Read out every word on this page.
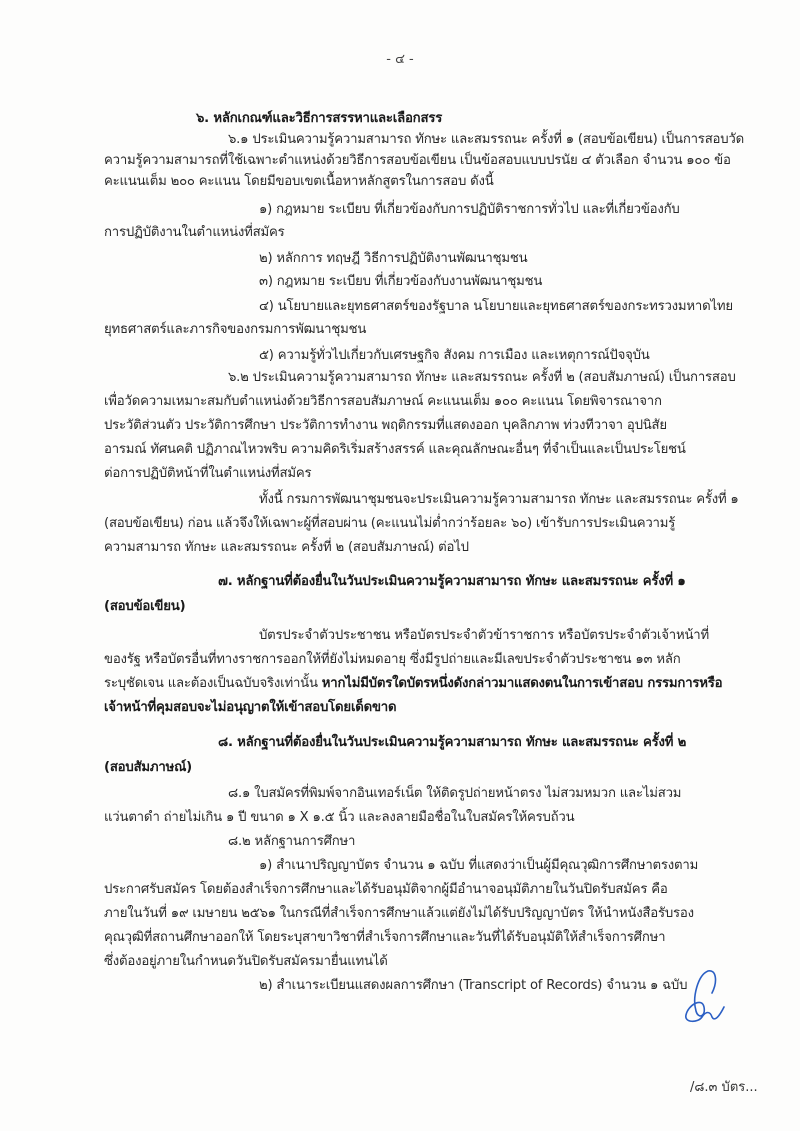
- ๔ -
๖. หลักเกณฑ์และวิธีการสรรหาและเลือกสรร
๖.๑ ประเมินความรู้ความสามารถ ทักษะ และสมรรถนะ ครั้งที่ ๑ (สอบข้อเขียน) เป็นการสอบวัด
ความรู้ความสามารถที่ใช้เฉพาะตำแหน่งด้วยวิธีการสอบข้อเขียน เป็นข้อสอบแบบปรนัย ๔ ตัวเลือก จำนวน ๑๐๐ ข้อ
คะแนนเต็ม ๒๐๐ คะแนน โดยมีขอบเขตเนื้อหาหลักสูตรในการสอบ ดังนี้
๑) กฎหมาย ระเบียบ ที่เกี่ยวข้องกับการปฏิบัติราชการทั่วไป และที่เกี่ยวข้องกับ
การปฏิบัติงานในตำแหน่งที่สมัคร
๒) หลักการ ทฤษฎี วิธีการปฏิบัติงานพัฒนาชุมชน
๓) กฎหมาย ระเบียบ ที่เกี่ยวข้องกับงานพัฒนาชุมชน
๔) นโยบายและยุทธศาสตร์ของรัฐบาล นโยบายและยุทธศาสตร์ของกระทรวงมหาดไทย
ยุทธศาสตร์และภารกิจของกรมการพัฒนาชุมชน
๕) ความรู้ทั่วไปเกี่ยวกับเศรษฐกิจ สังคม การเมือง และเหตุการณ์ปัจจุบัน
๖.๒ ประเมินความรู้ความสามารถ ทักษะ และสมรรถนะ ครั้งที่ ๒ (สอบสัมภาษณ์) เป็นการสอบ
เพื่อวัดความเหมาะสมกับตำแหน่งด้วยวิธีการสอบสัมภาษณ์ คะแนนเต็ม ๑๐๐ คะแนน โดยพิจารณาจาก
ประวัติส่วนตัว ประวัติการศึกษา ประวัติการทำงาน พฤติกรรมที่แสดงออก บุคลิกภาพ ท่วงทีวาจา อุปนิสัย
อารมณ์ ทัศนคติ ปฏิภาณไหวพริบ ความคิดริเริ่มสร้างสรรค์ และคุณลักษณะอื่นๆ ที่จำเป็นและเป็นประโยชน์
ต่อการปฏิบัติหน้าที่ในตำแหน่งที่สมัคร
ทั้งนี้ กรมการพัฒนาชุมชนจะประเมินความรู้ความสามารถ ทักษะ และสมรรถนะ ครั้งที่ ๑
(สอบข้อเขียน) ก่อน แล้วจึงให้เฉพาะผู้ที่สอบผ่าน (คะแนนไม่ต่ำกว่าร้อยละ ๖๐) เข้ารับการประเมินความรู้
ความสามารถ ทักษะ และสมรรถนะ ครั้งที่ ๒ (สอบสัมภาษณ์) ต่อไป
๗. หลักฐานที่ต้องยื่นในวันประเมินความรู้ความสามารถ ทักษะ และสมรรถนะ ครั้งที่ ๑
(สอบข้อเขียน)
บัตรประจำตัวประชาชน หรือบัตรประจำตัวข้าราชการ หรือบัตรประจำตัวเจ้าหน้าที่
ของรัฐ หรือบัตรอื่นที่ทางราชการออกให้ที่ยังไม่หมดอายุ ซึ่งมีรูปถ่ายและมีเลขประจำตัวประชาชน ๑๓ หลัก
ระบุชัดเจน และต้องเป็นฉบับจริงเท่านั้น หากไม่มีบัตรใดบัตรหนึ่งดังกล่าวมาแสดงตนในการเข้าสอบ กรรมการหรือ
เจ้าหน้าที่คุมสอบจะไม่อนุญาตให้เข้าสอบโดยเด็ดขาด
๘. หลักฐานที่ต้องยื่นในวันประเมินความรู้ความสามารถ ทักษะ และสมรรถนะ ครั้งที่ ๒
(สอบสัมภาษณ์)
๘.๑ ใบสมัครที่พิมพ์จากอินเทอร์เน็ต ให้ติดรูปถ่ายหน้าตรง ไม่สวมหมวก และไม่สวม
แว่นตาดำ ถ่ายไม่เกิน ๑ ปี ขนาด ๑ X ๑.๕ นิ้ว และลงลายมือชื่อในใบสมัครให้ครบถ้วน
๘.๒ หลักฐานการศึกษา
๑) สำเนาปริญญาบัตร จำนวน ๑ ฉบับ ที่แสดงว่าเป็นผู้มีคุณวุฒิการศึกษาตรงตาม
ประกาศรับสมัคร โดยต้องสำเร็จการศึกษาและได้รับอนุมัติจากผู้มีอำนาจอนุมัติภายในวันปิดรับสมัคร คือ
ภายในวันที่ ๑๙ เมษายน ๒๕๖๑ ในกรณีที่สำเร็จการศึกษาแล้วแต่ยังไม่ได้รับปริญญาบัตร ให้นำหนังสือรับรอง
คุณวุฒิที่สถานศึกษาออกให้ โดยระบุสาขาวิชาที่สำเร็จการศึกษาและวันที่ได้รับอนุมัติให้สำเร็จการศึกษา
ซึ่งต้องอยู่ภายในกำหนดวันปิดรับสมัครมายื่นแทนได้
๒) สำเนาระเบียนแสดงผลการศึกษา (Transcript of Records) จำนวน ๑ ฉบับ
/๘.๓ บัตร...
